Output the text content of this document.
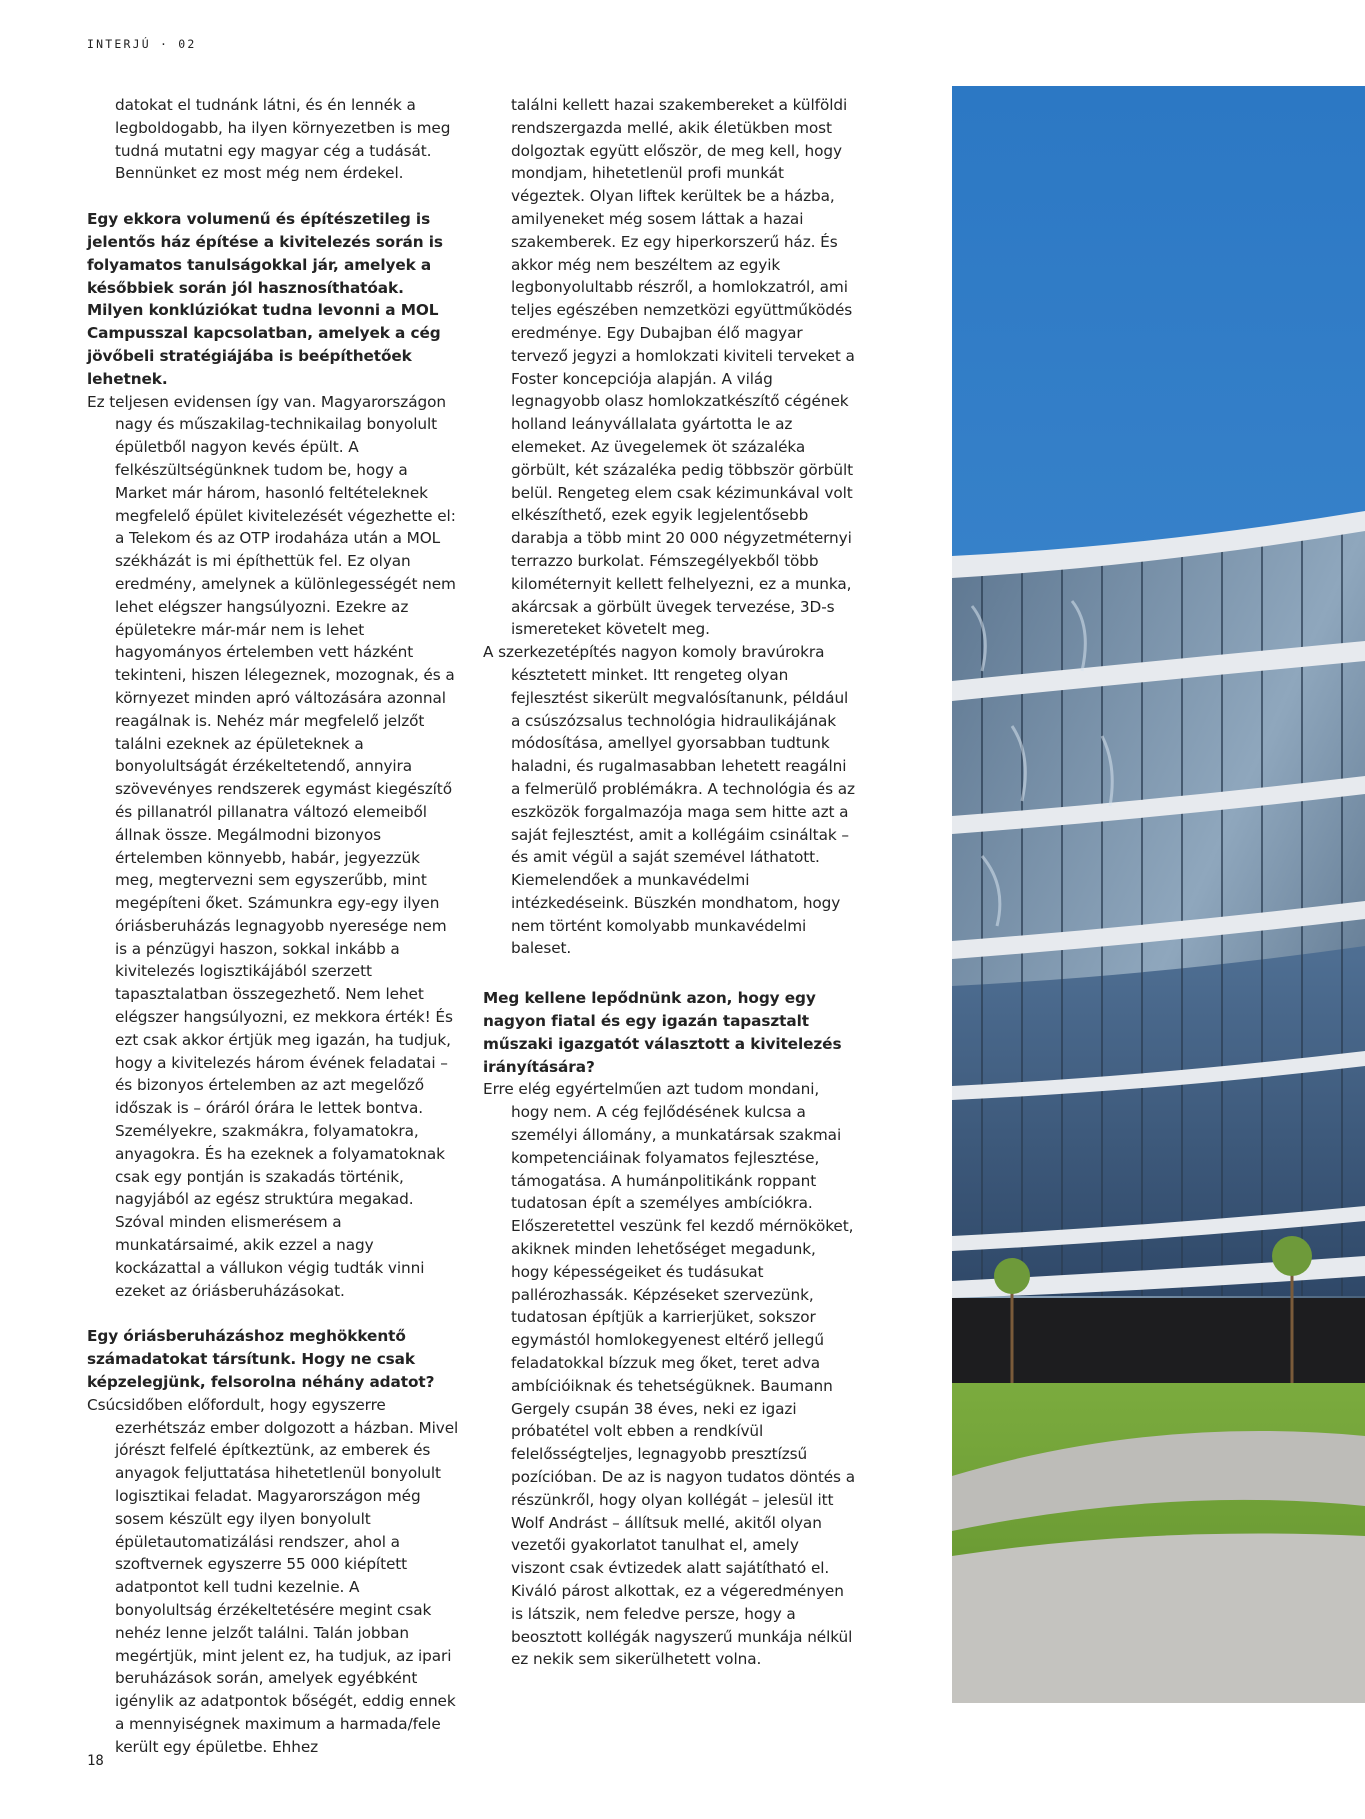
INTERJÚ · 02

datokat el tudnánk látni, és én lennék a legboldogabb, ha ilyen környezetben is meg tudná mutatni egy magyar cég a tudását. Bennünket ez most még nem érdekel.

Egy ekkora volumenű és építészetileg is jelentős ház építése a kivitelezés során is folyamatos tanulságokkal jár, amelyek a későbbiek során jól hasznosíthatóak. Milyen konklúziókat tudna levonni a MOL Campusszal kapcsolatban, amelyek a cég jövőbeli stratégiájába is beépíthetőek lehetnek.

Ez teljesen evidensen így van. Magyarországon nagy és műszakilag-technikailag bonyolult épületből nagyon kevés épült. A felkészültségünknek tudom be, hogy a Market már három, hasonló feltételeknek megfelelő épület kivitelezését végezhette el: a Telekom és az OTP irodaháza után a MOL székházát is mi építhettük fel. Ez olyan eredmény, amelynek a különlegességét nem lehet elégszer hangsúlyozni. Ezekre az épületekre már-már nem is lehet hagyományos értelemben vett házként tekinteni, hiszen lélegeznek, mozognak, és a környezet minden apró változására azonnal reagálnak is. Nehéz már megfelelő jelzőt találni ezeknek az épületeknek a bonyolultságát érzékeltetendő, annyira szövevényes rendszerek egymást kiegészítő és pillanatról pillanatra változó elemeiből állnak össze. Megálmodni bizonyos értelemben könnyebb, habár, jegyezzük meg, megtervezni sem egyszerűbb, mint megépíteni őket. Számunkra egy-egy ilyen óriásberuházás legnagyobb nyeresége nem is a pénzügyi haszon, sokkal inkább a kivitelezés logisztikájából szerzett tapasztalatban összegezhető. Nem lehet elégszer hangsúlyozni, ez mekkora érték! És ezt csak akkor értjük meg igazán, ha tudjuk, hogy a kivitelezés három évének feladatai – és bizonyos értelemben az azt megelőző időszak is – óráról órára le lettek bontva. Személyekre, szakmákra, folyamatokra, anyagokra. És ha ezeknek a folyamatoknak csak egy pontján is szakadás történik, nagyjából az egész struktúra megakad. Szóval minden elismerésem a munkatársaimé, akik ezzel a nagy kockázattal a vállukon végig tudták vinni ezeket az óriásberuházásokat.

Egy óriásberuházáshoz meghökkentő számadatokat társítunk. Hogy ne csak képzelegjünk, felsorolna néhány adatot?

Csúcsidőben előfordult, hogy egyszerre ezerhétszáz ember dolgozott a házban. Mivel jórészt felfelé építkeztünk, az emberek és anyagok feljuttatása hihetetlenül bonyolult logisztikai feladat. Magyarországon még sosem készült egy ilyen bonyolult épületautomatizálási rendszer, ahol a szoftvernek egyszerre 55 000 kiépített adatpontot kell tudni kezelnie. A bonyolultság érzékeltetésére megint csak nehéz lenne jelzőt találni. Talán jobban megértjük, mint jelent ez, ha tudjuk, az ipari beruházások során, amelyek egyébként igénylik az adatpontok bőségét, eddig ennek a mennyiségnek maximum a harmada/fele került egy épületbe. Ehhez

találni kellett hazai szakembereket a külföldi rendszergazda mellé, akik életükben most dolgoztak együtt először, de meg kell, hogy mondjam, hihetetlenül profi munkát végeztek. Olyan liftek kerültek be a házba, amilyeneket még sosem láttak a hazai szakemberek. Ez egy hiperkorszerű ház. És akkor még nem beszéltem az egyik legbonyolultabb részről, a homlokzatról, ami teljes egészében nemzetközi együttműködés eredménye. Egy Dubajban élő magyar tervező jegyzi a homlokzati kiviteli terveket a Foster koncepciója alapján. A világ legnagyobb olasz homlokzatkészítő cégének holland leányvállalata gyártotta le az elemeket. Az üvegelemek öt százaléka görbült, két százaléka pedig többször görbült belül. Rengeteg elem csak kézimunkával volt elkészíthető, ezek egyik legjelentősebb darabja a több mint 20 000 négyzetméternyi terrazzo burkolat. Fémszegélyekből több kilométernyit kellett felhelyezni, ez a munka, akárcsak a görbült üvegek tervezése, 3D-s ismereteket követelt meg.

A szerkezetépítés nagyon komoly bravúrokra késztetett minket. Itt rengeteg olyan fejlesztést sikerült megvalósítanunk, például a csúszózsalus technológia hidraulikájának módosítása, amellyel gyorsabban tudtunk haladni, és rugalmasabban lehetett reagálni a felmerülő problémákra. A technológia és az eszközök forgalmazója maga sem hitte azt a saját fejlesztést, amit a kollégáim csináltak – és amit végül a saját szemével láthatott. Kiemelendőek a munkavédelmi intézkedéseink. Büszkén mondhatom, hogy nem történt komolyabb munkavédelmi baleset.

Meg kellene lepődnünk azon, hogy egy nagyon fiatal és egy igazán tapasztalt műszaki igazgatót választott a kivitelezés irányítására?

Erre elég egyértelműen azt tudom mondani, hogy nem. A cég fejlődésének kulcsa a személyi állomány, a munkatársak szakmai kompetenciáinak folyamatos fejlesztése, támogatása. A humánpolitikánk roppant tudatosan épít a személyes ambíciókra. Előszeretettel veszünk fel kezdő mérnököket, akiknek minden lehetőséget megadunk, hogy képességeiket és tudásukat pallérozhassák. Képzéseket szervezünk, tudatosan építjük a karrierjüket, sokszor egymástól homlokegyenest eltérő jellegű feladatokkal bízzuk meg őket, teret adva ambícióiknak és tehetségüknek. Baumann Gergely csupán 38 éves, neki ez igazi próbatétel volt ebben a rendkívül felelősségteljes, legnagyobb presztízsű pozícióban. De az is nagyon tudatos döntés a részünkről, hogy olyan kollégát – jelesül itt Wolf Andrást – állítsuk mellé, akitől olyan vezetői gyakorlatot tanulhat el, amely viszont csak évtizedek alatt sajátítható el. Kiváló párost alkottak, ez a végeredményen is látszik, nem feledve persze, hogy a beosztott kollégák nagyszerű munkája nélkül ez nekik sem sikerülhetett volna.

18
